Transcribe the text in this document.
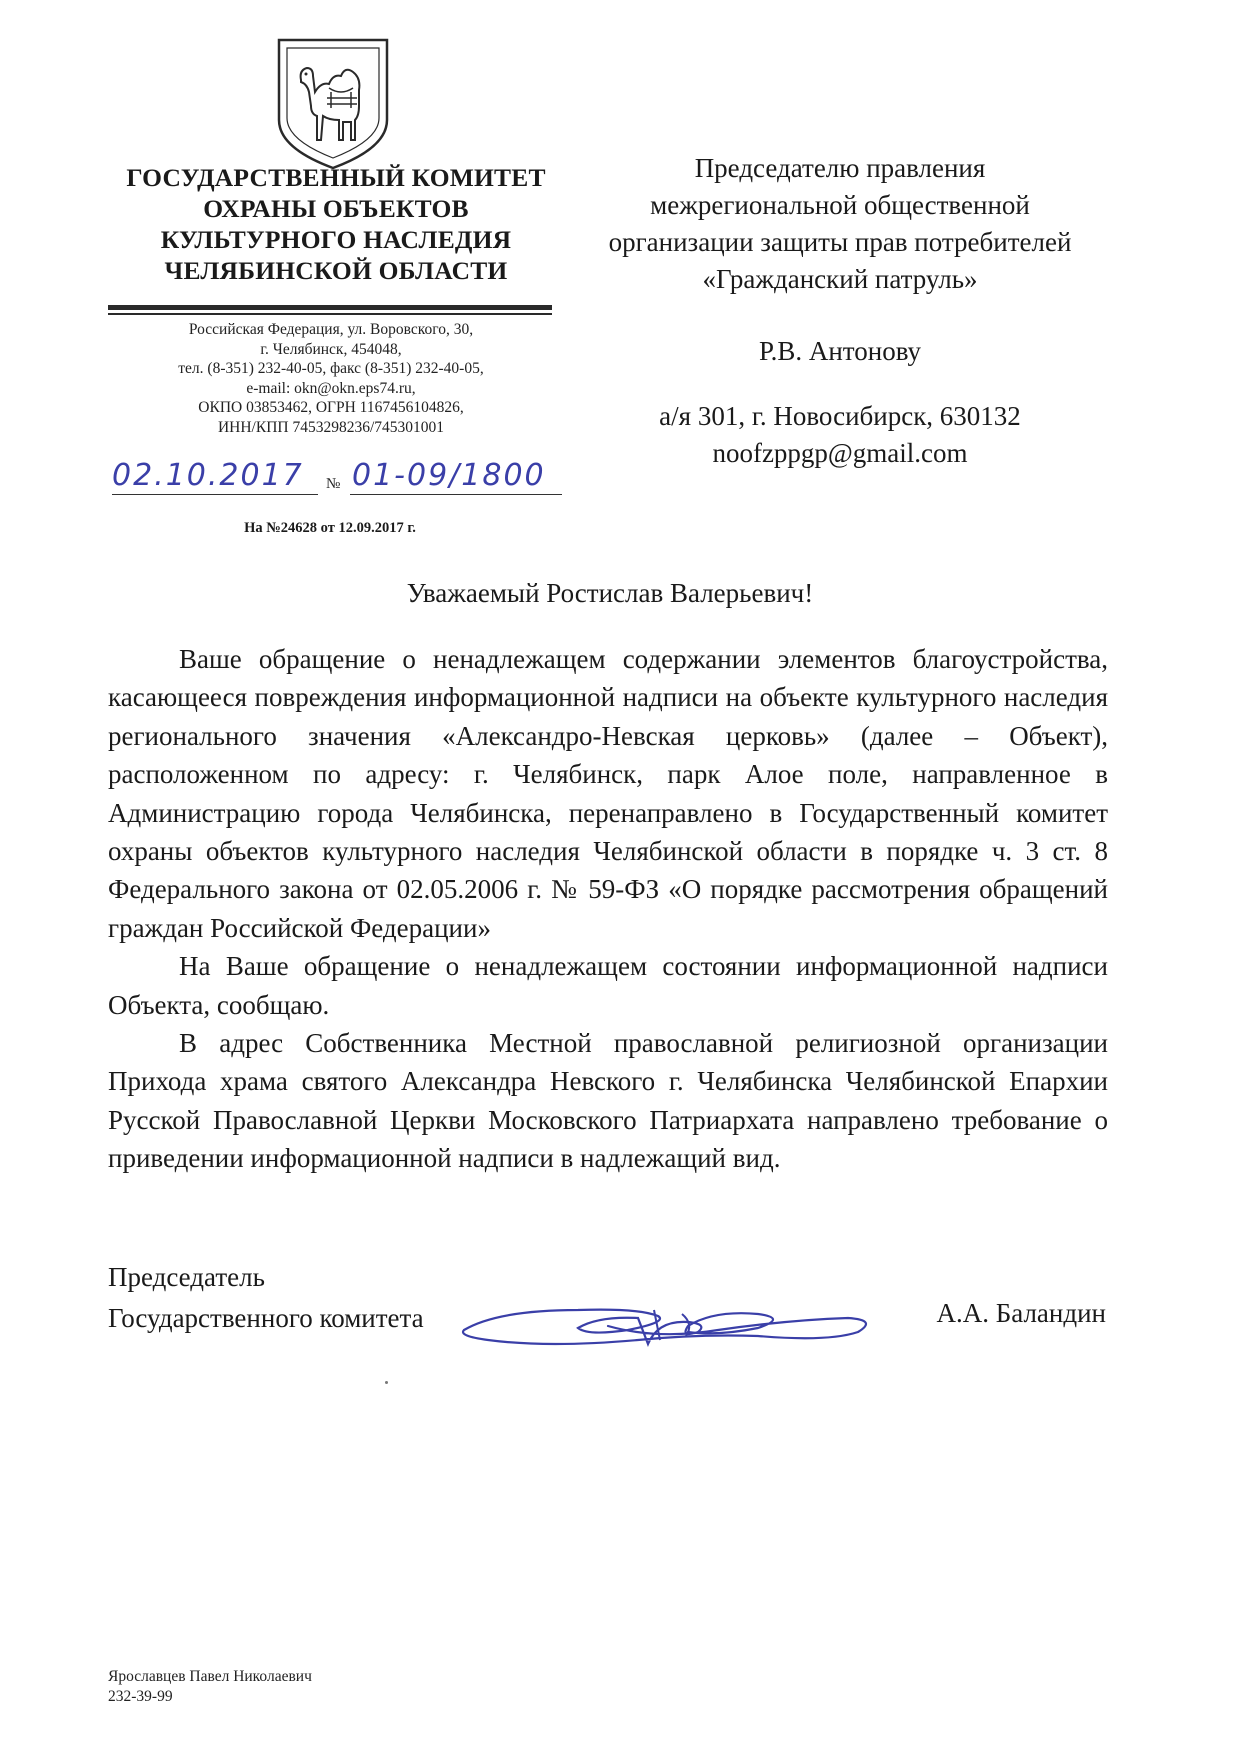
ГОСУДАРСТВЕННЫЙ КОМИТЕТ
ОХРАНЫ ОБЪЕКТОВ
КУЛЬТУРНОГО НАСЛЕДИЯ
ЧЕЛЯБИНСКОЙ ОБЛАСТИ
Российская Федерация, ул. Воровского, 30,
г. Челябинск, 454048,
тел. (8-351) 232-40-05, факс (8-351) 232-40-05,
e-mail: okn@okn.eps74.ru,
ОКПО 03853462, ОГРН 1167456104826,
ИНН/КПП 7453298236/745301001
02.10.2017	№ 01-09/1800
На №24628 от 12.09.2017 г.
Председателю правления
межрегиональной общественной
организации защиты прав потребителей
«Гражданский патруль»
Р.В. Антонову
а/я 301, г. Новосибирск, 630132
noofzppgp@gmail.com
Уважаемый Ростислав Валерьевич!

Ваше обращение о ненадлежащем содержании элементов благоустройства, касающееся повреждения информационной надписи на объекте культурного наследия регионального значения «Александро-Невская церковь» (далее – Объект), расположенном по адресу: г. Челябинск, парк Алое поле, направленное в Администрацию города Челябинска, перенаправлено в Государственный комитет охраны объектов культурного наследия Челябинской области в порядке ч. 3 ст. 8 Федерального закона от 02.05.2006 г. № 59-ФЗ «О порядке рассмотрения обращений граждан Российской Федерации»

На Ваше обращение о ненадлежащем состоянии информационной надписи Объекта, сообщаю.

В адрес Собственника Местной православной религиозной организации Прихода храма святого Александра Невского г. Челябинска Челябинской Епархии Русской Православной Церкви Московского Патриархата направлено требование о приведении информационной надписи в надлежащий вид.

Председатель
Государственного комитета	А.А. Баландин
Ярославцев Павел Николаевич
232-39-99
